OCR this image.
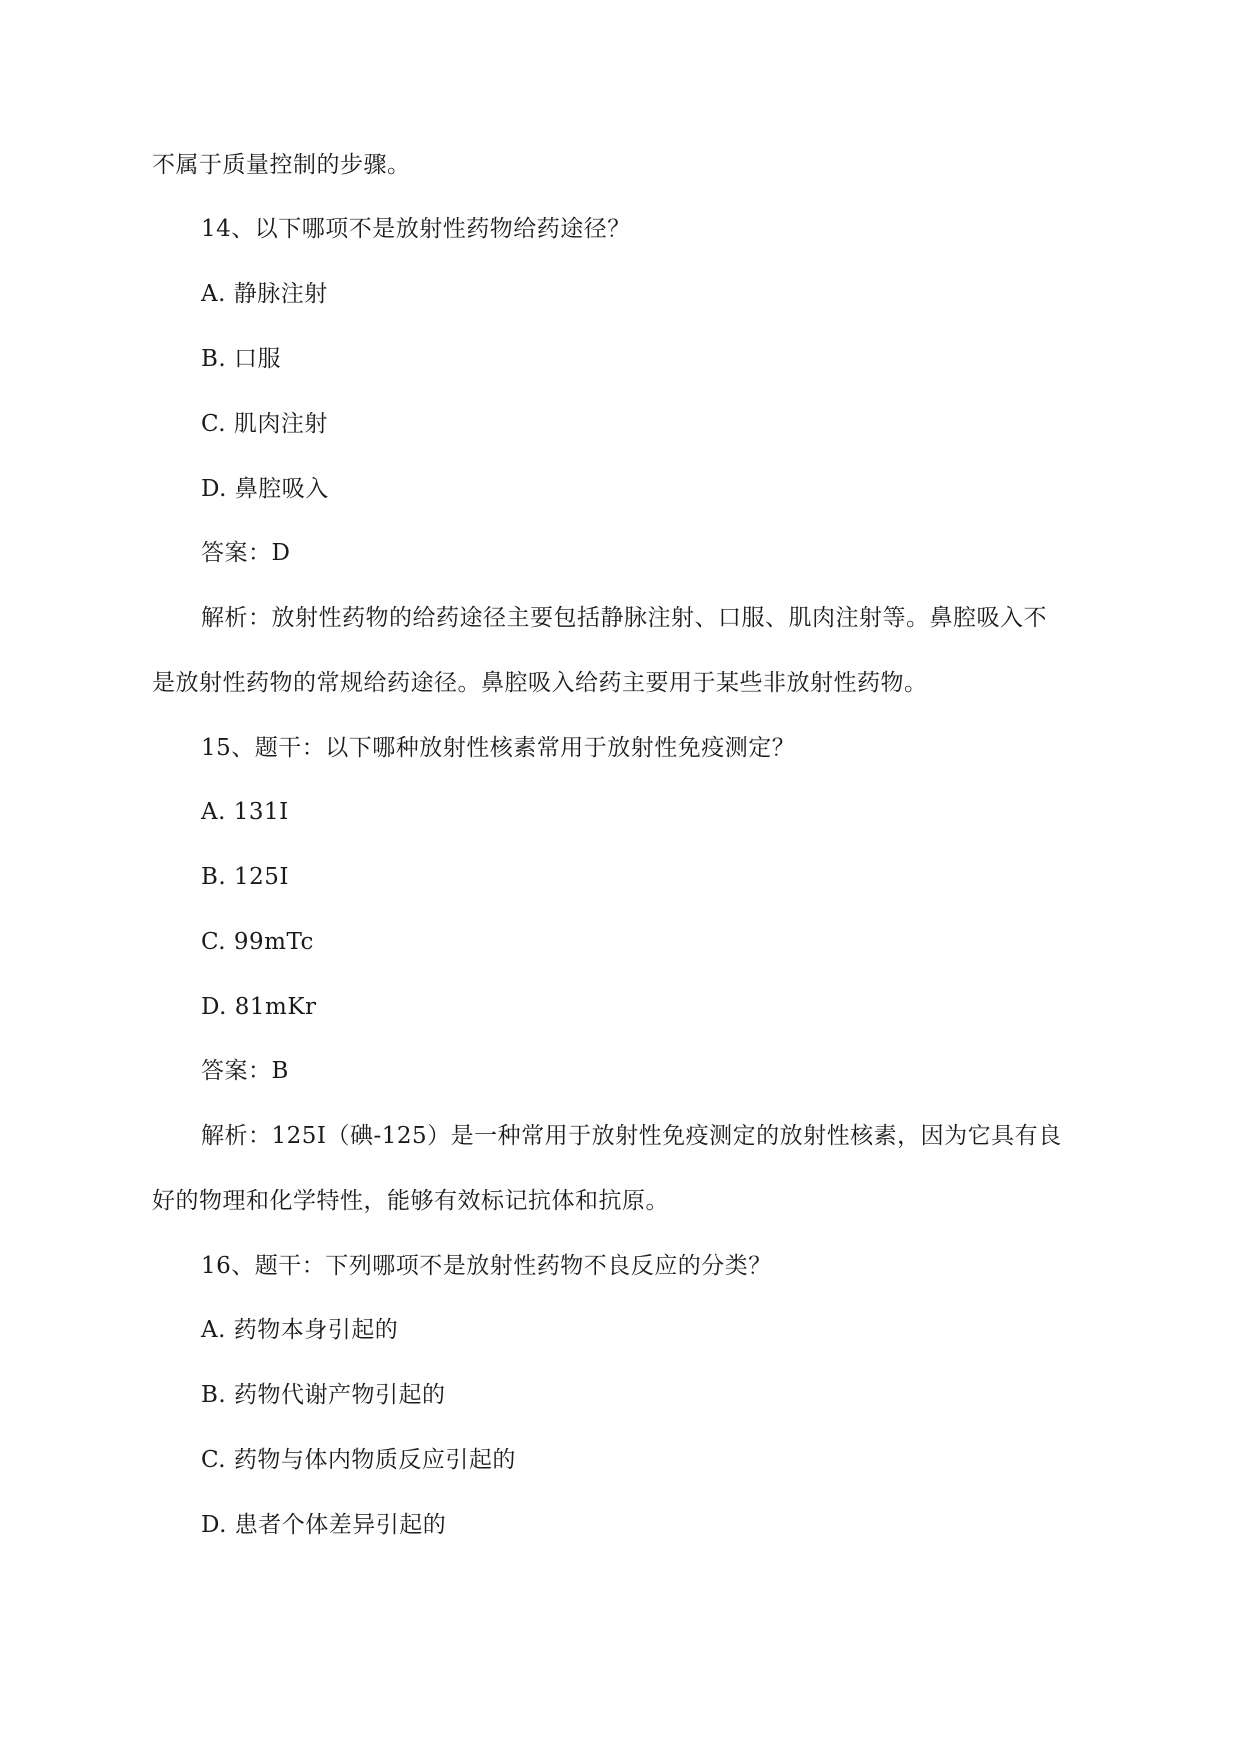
不属于质量控制的步骤。
14、以下哪项不是放射性药物给药途径？
A. 静脉注射
B. 口服
C. 肌肉注射
D. 鼻腔吸入
答案：D
解析：放射性药物的给药途径主要包括静脉注射、口服、肌肉注射等。鼻腔吸入不
是放射性药物的常规给药途径。鼻腔吸入给药主要用于某些非放射性药物。
15、题干：以下哪种放射性核素常用于放射性免疫测定？
A. 131I
B. 125I
C. 99mTc
D. 81mKr
答案：B
解析：125I（碘-125）是一种常用于放射性免疫测定的放射性核素，因为它具有良
好的物理和化学特性，能够有效标记抗体和抗原。
16、题干：下列哪项不是放射性药物不良反应的分类？
A. 药物本身引起的
B. 药物代谢产物引起的
C. 药物与体内物质反应引起的
D. 患者个体差异引起的
